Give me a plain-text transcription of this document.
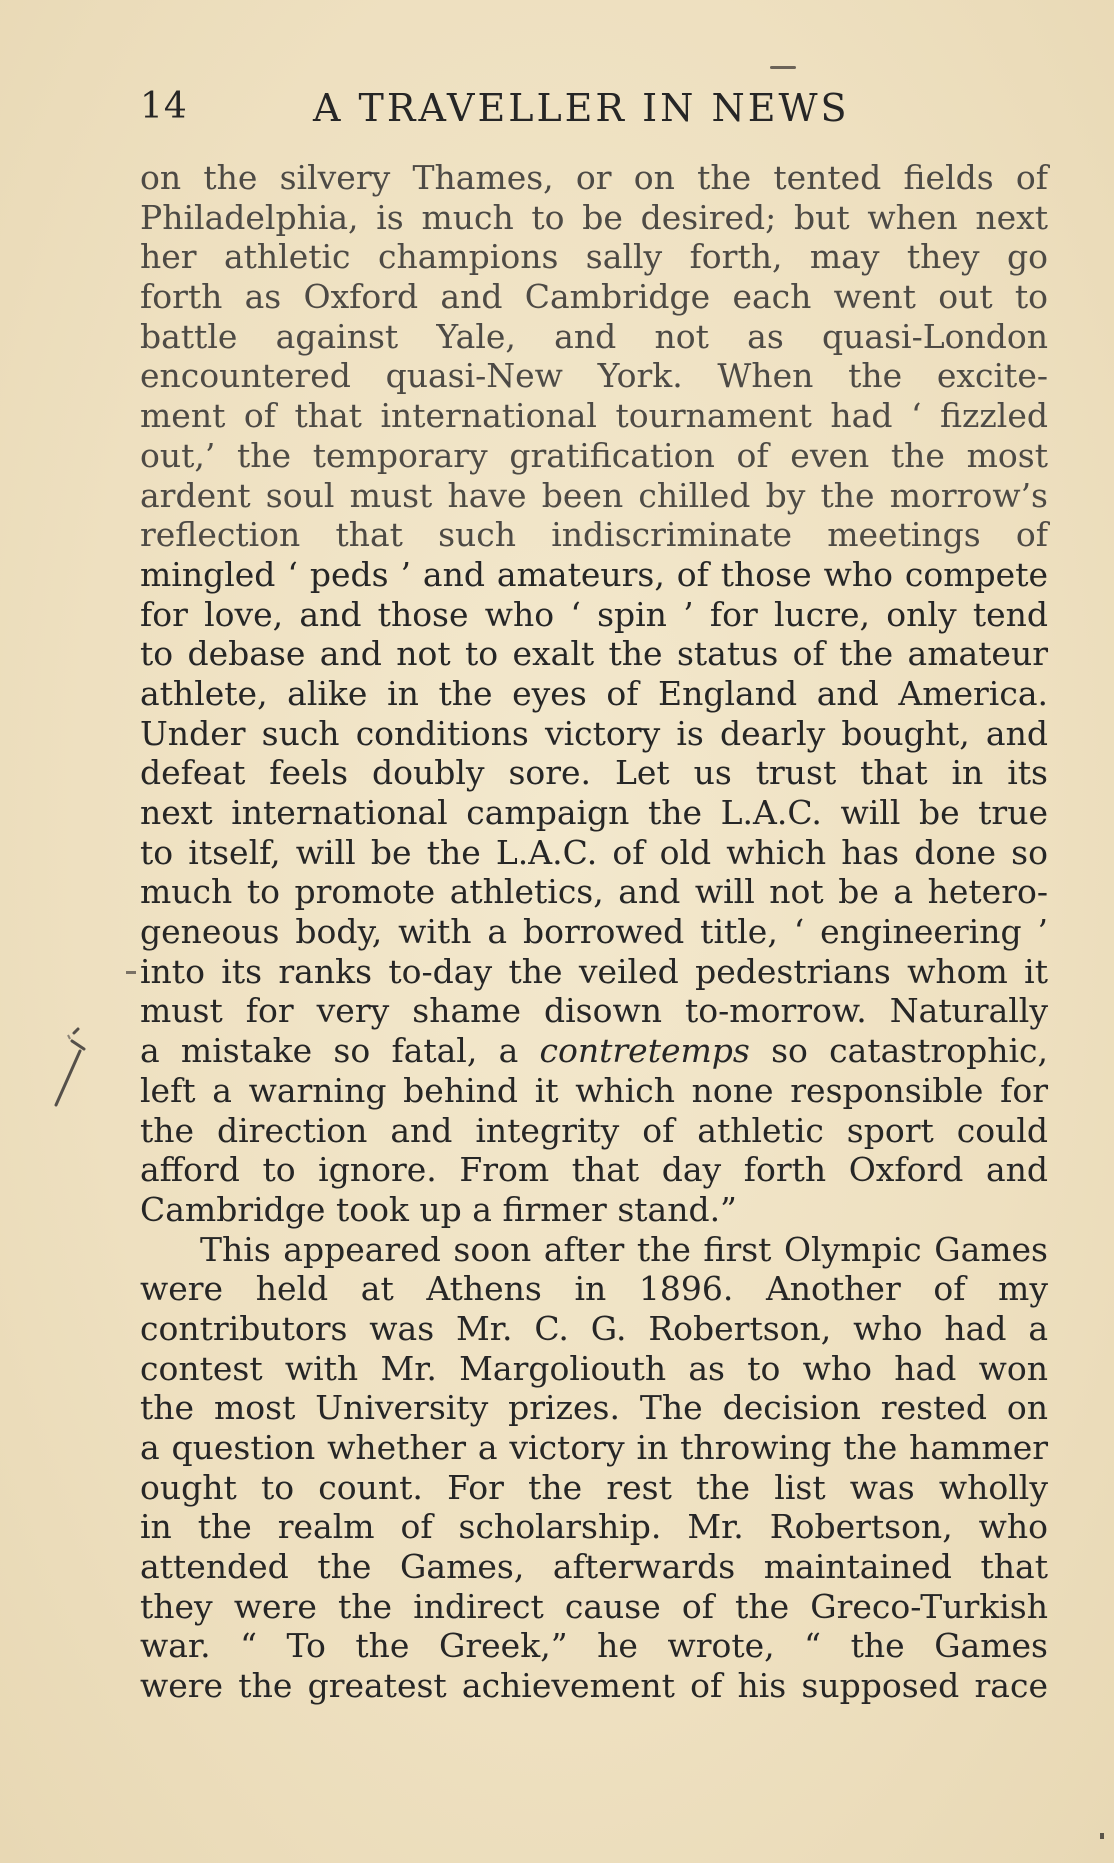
14	A TRAVELLER IN NEWS
on the silvery Thames, or on the tented fields of
Philadelphia, is much to be desired; but when next
her athletic champions sally forth, may they go
forth as Oxford and Cambridge each went out to
battle against Yale, and not as quasi-London
encountered quasi-New York. When the excite-
ment of that international tournament had ‘ fizzled
out,’ the temporary gratification of even the most
ardent soul must have been chilled by the morrow’s
reflection that such indiscriminate meetings of
mingled ‘ peds ’ and amateurs, of those who compete
for love, and those who ‘ spin ’ for lucre, only tend
to debase and not to exalt the status of the amateur
athlete, alike in the eyes of England and America.
Under such conditions victory is dearly bought, and
defeat feels doubly sore. Let us trust that in its
next international campaign the L.A.C. will be true
to itself, will be the L.A.C. of old which has done so
much to promote athletics, and will not be a hetero-
geneous body, with a borrowed title, ‘ engineering ’
into its ranks to-day the veiled pedestrians whom it
must for very shame disown to-morrow. Naturally
a mistake so fatal, a contretemps so catastrophic,
left a warning behind it which none responsible for
the direction and integrity of athletic sport could
afford to ignore. From that day forth Oxford and
Cambridge took up a firmer stand.”
This appeared soon after the first Olympic Games
were held at Athens in 1896. Another of my
contributors was Mr. C. G. Robertson, who had a
contest with Mr. Margoliouth as to who had won
the most University prizes. The decision rested on
a question whether a victory in throwing the hammer
ought to count. For the rest the list was wholly
in the realm of scholarship. Mr. Robertson, who
attended the Games, afterwards maintained that
they were the indirect cause of the Greco-Turkish
war. “ To the Greek,” he wrote, “ the Games
were the greatest achievement of his supposed race
